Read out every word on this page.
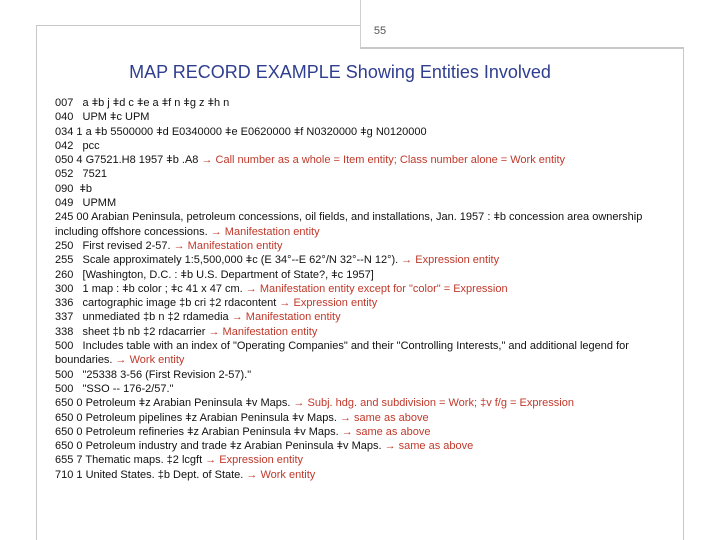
55
MAP RECORD EXAMPLE Showing Entities Involved
007   a ǂb j ǂd c ǂe a ǂf n ǂg z ǂh n
040   UPM ǂc UPM
034 1 a ǂb 5500000 ǂd E0340000 ǂe E0620000 ǂf N0320000 ǂg N0120000
042   pcc
050 4 G7521.H8 1957 ǂb .A8 → Call number as a whole = Item entity; Class number alone = Work entity
052   7521
090  ǂb
049   UPMM
245 00 Arabian Peninsula, petroleum concessions, oil fields, and installations, Jan. 1957 : ǂb concession area ownership including offshore concessions. → Manifestation entity
250   First revised 2-57. → Manifestation entity
255   Scale approximately 1:5,500,000 ǂc (E 34°--E 62°/N 32°--N 12°). → Expression entity
260   [Washington, D.C. : ǂb U.S. Department of State?, ǂc 1957]
300   1 map : ǂb color ; ǂc 41 x 47 cm. → Manifestation entity except for "color" = Expression
336   cartographic image ‡b cri ‡2 rdacontent → Expression entity
337   unmediated ‡b n ‡2 rdamedia → Manifestation entity
338   sheet ‡b nb ‡2 rdacarrier → Manifestation entity
500   Includes table with an index of "Operating Companies" and their "Controlling Interests," and additional legend for boundaries. → Work entity
500   "25338 3-56 (First Revision 2-57)."
500   "SSO -- 176-2/57."
650 0 Petroleum ǂz Arabian Peninsula ǂv Maps. → Subj. hdg. and subdivision = Work; ‡v f/g = Expression
650 0 Petroleum pipelines ǂz Arabian Peninsula ǂv Maps. → same as above
650 0 Petroleum refineries ǂz Arabian Peninsula ǂv Maps. → same as above
650 0 Petroleum industry and trade ǂz Arabian Peninsula ǂv Maps. → same as above
655 7 Thematic maps. ‡2 lcgft → Expression entity
710 1 United States. ‡b Dept. of State. → Work entity
